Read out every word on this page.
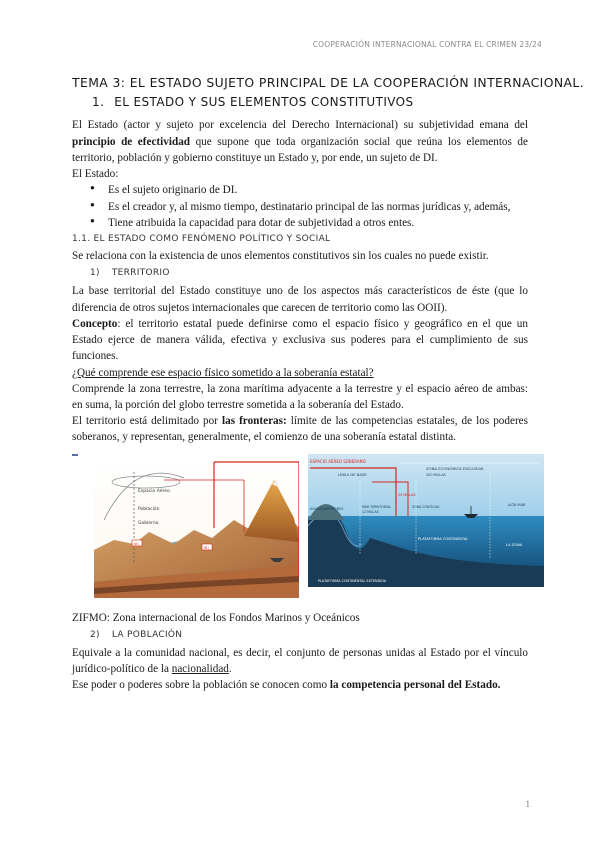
COOPERACIÓN INTERNACIONAL CONTRA EL CRIMEN 23/24
TEMA 3: EL ESTADO SUJETO PRINCIPAL DE LA COOPERACIÓN INTERNACIONAL.
1. EL ESTADO Y SUS ELEMENTOS CONSTITUTIVOS

El Estado (actor y sujeto por excelencia del Derecho Internacional) su subjetividad emana del principio de efectividad que supone que toda organización social que reúna los elementos de territorio, población y gobierno constituye un Estado y, por ende, un sujeto de DI.

El Estado:

● Es el sujeto originario de DI.
● Es el creador y, al mismo tiempo, destinatario principal de las normas jurídicas y, además,
● Tiene atribuida la capacidad para dotar de subjetividad a otros entes.
1.1. EL ESTADO COMO FENÓMENO POLÍTICO Y SOCIAL

Se relaciona con la existencia de unos elementos constitutivos sin los cuales no puede existir.

1) TERRITORIO

La base territorial del Estado constituye uno de los aspectos más característicos de éste (que lo diferencia de otros sujetos internacionales que carecen de territorio como las OOII).

Concepto: el territorio estatal puede definirse como el espacio físico y geográfico en el que un Estado ejerce de manera válida, efectiva y exclusiva sus poderes para el cumplimiento de sus funciones.

¿Qué comprende ese espacio físico sometido a la soberanía estatal?

Comprende la zona terrestre, la zona marítima adyacente a la terrestre y el espacio aéreo de ambas: en suma, la porción del globo terrestre sometida a la soberanía del Estado.

El territorio está delimitado por las fronteras: límite de las competencias estatales, de los poderes soberanos, y representan, generalmente, el comienzo de una soberanía estatal distinta.

Espacio Aéreo
Población
Gobierno
(A)
(B)
ESPACIO AÉREO SOBERANO
LÍNEA DE BASE
ZONA ECONÓMICA EXCLUSIVA
200 MILLAS
24 MILLAS
AGUAS INTERIORES	MAR TERRITORIAL
12 MILLAS
ZONA CONTIGUA	ALTA MAR
PLATAFORMA CONTINENTAL
LA ZONA
PLATAFORMA CONTINENTAL EXTENDIDA

ZIFMO: Zona internacional de los Fondos Marinos y Oceánicos

2) LA POBLACIÓN

Equivale a la comunidad nacional, es decir, el conjunto de personas unidas al Estado por el vínculo jurídico-político de la nacionalidad.

Ese poder o poderes sobre la población se conocen como la competencia personal del Estado.

1
